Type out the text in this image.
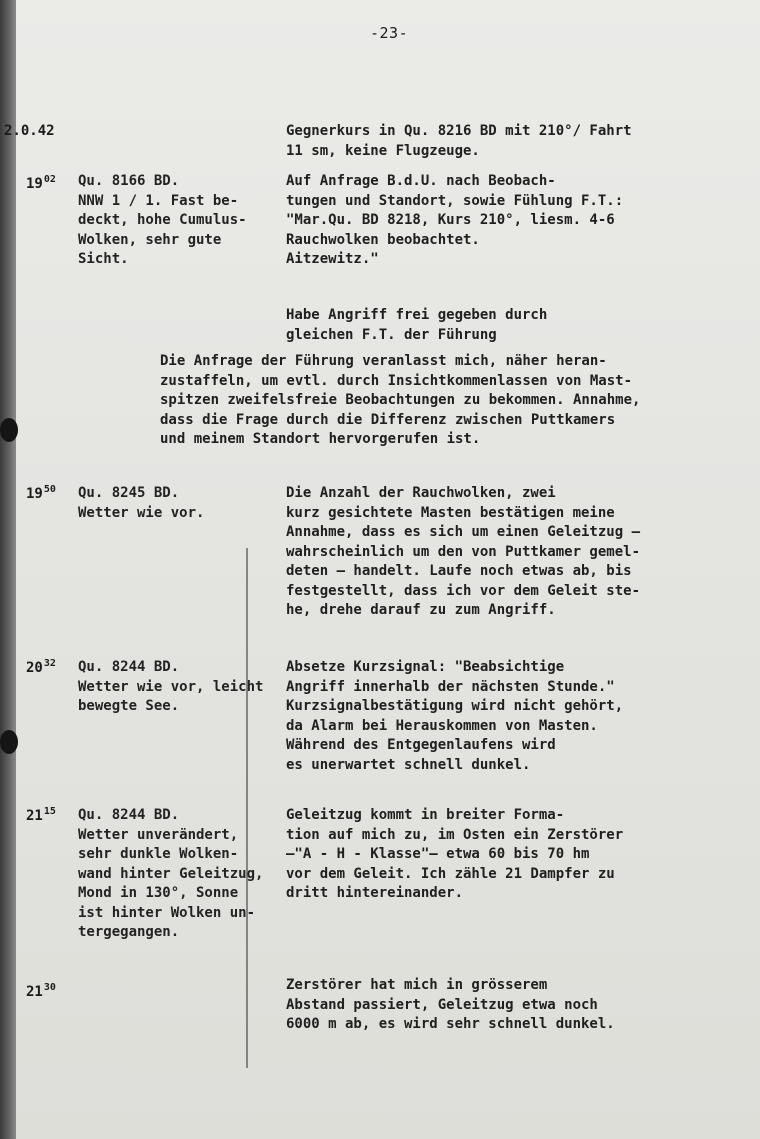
-23-
2.0.42	Gegnerkurs in Qu. 8216 BD mit 210°/ Fahrt
11 sm, keine Flugzeuge.
$19^{02}$ Qu. 8166 BD.
NNW 1 / 1. Fast be-
deckt, hohe Cumulus-
Wolken, sehr gute
Sicht.
Auf Anfrage B.d.U. nach Beobach-
tungen und Standort, sowie Fühlung F.T.:
"Mar.Qu. BD 8218, Kurs 210°, liesm. 4-6
Rauchwolken beobachtet.
Aitzewitz."
Habe Angriff frei gegeben durch
gleichen F.T. der Führung
Die Anfrage der Führung veranlasst mich, näher heran-
zustaffeln, um evtl. durch Insichtkommenlassen von Mast-
spitzen zweifelsfreie Beobachtungen zu bekommen. Annahme,
dass die Frage durch die Differenz zwischen Puttkamers
und meinem Standort hervorgerufen ist.
$19^{50}$ Qu. 8245 BD.
Wetter wie vor.
Die Anzahl der Rauchwolken, zwei
kurz gesichtete Masten bestätigen meine
Annahme, dass es sich um einen Geleitzug —
wahrscheinlich um den von Puttkamer gemel-
deten — handelt. Laufe noch etwas ab, bis
festgestellt, dass ich vor dem Geleit ste-
he, drehe darauf zu zum Angriff.
$20^{32}$ Qu. 8244 BD.
Wetter wie vor, leicht
bewegte See.
Absetze Kurzsignal: "Beabsichtige
Angriff innerhalb der nächsten Stunde."
Kurzsignalbestätigung wird nicht gehört,
da Alarm bei Herauskommen von Masten.
Während des Entgegenlaufens wird
es unerwartet schnell dunkel.
$21^{15}$ Qu. 8244 BD.
Wetter unverändert,
sehr dunkle Wolken-
wand hinter Geleitzug,
Mond in 130°, Sonne
ist hinter Wolken un-
tergegangen.
Geleitzug kommt in breiter Forma-
tion auf mich zu, im Osten ein Zerstörer
—"A - H - Klasse"— etwa 60 bis 70 hm
vor dem Geleit. Ich zähle 21 Dampfer zu
dritt hintereinander.
$21^{30}$	Zerstörer hat mich in grösserem
Abstand passiert, Geleitzug etwa noch
6000 m ab, es wird sehr schnell dunkel.
